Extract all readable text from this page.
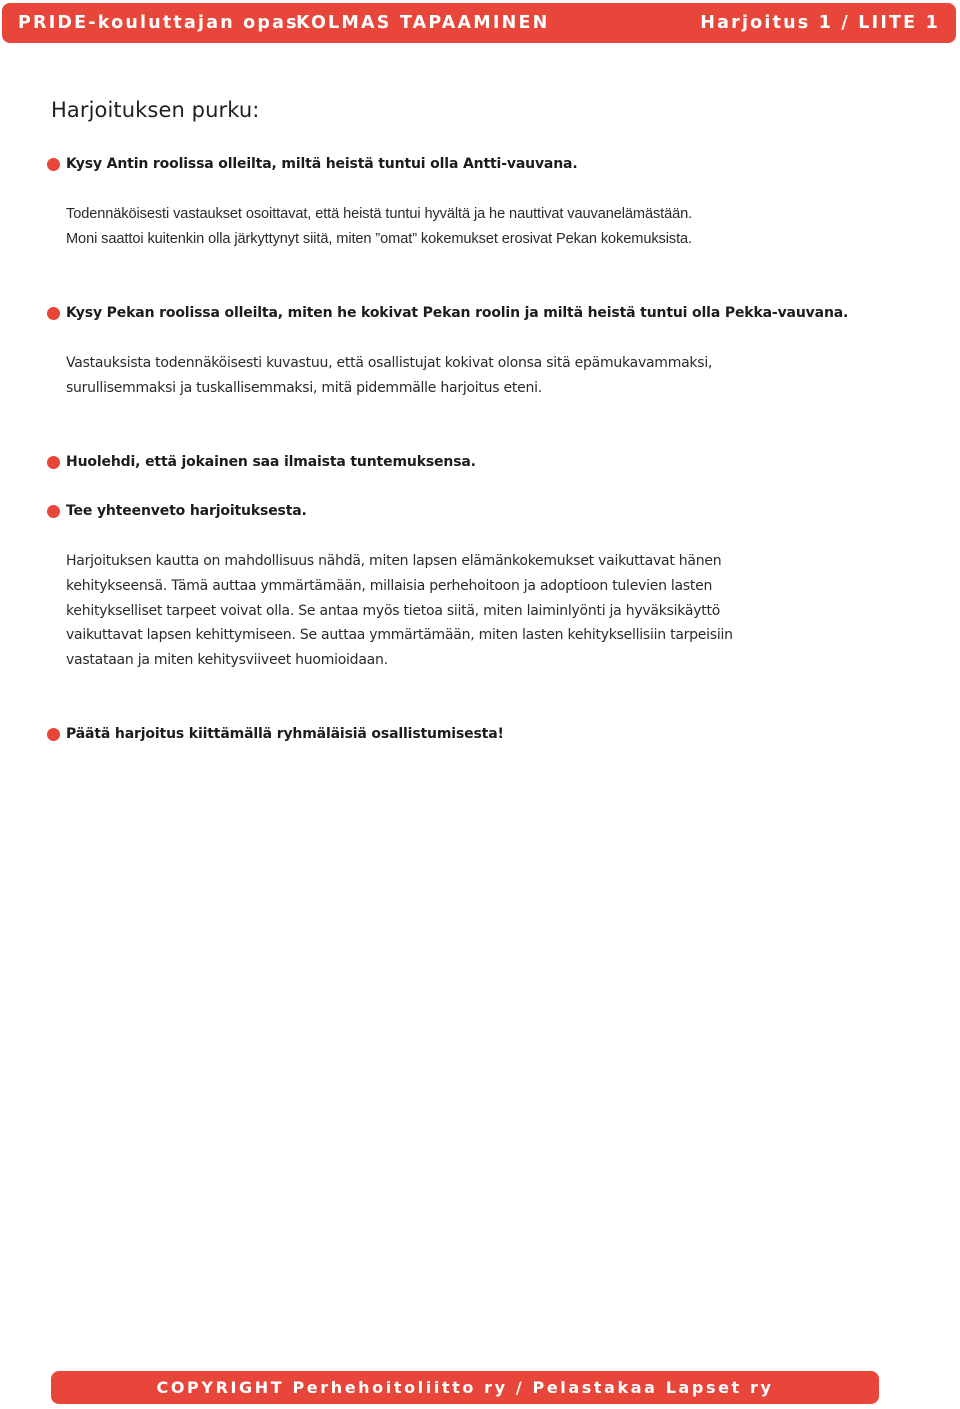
PRIDE-kouluttajan opas
KOLMAS TAPAAMINEN	Harjoitus 1 / LIITE 1
Harjoituksen purku:
Kysy Antin roolissa olleilta, miltä heistä tuntui olla Antti-vauvana.

Todennäköisesti vastaukset osoittavat, että heistä tuntui hyvältä ja he nauttivat vauvanelämästään.
Moni saattoi kuitenkin olla järkyttynyt siitä, miten ”omat” kokemukset erosivat Pekan kokemuksista.

Kysy Pekan roolissa olleilta, miten he kokivat Pekan roolin ja miltä heistä tuntui olla Pekka-vauvana.

Vastauksista todennäköisesti kuvastuu, että osallistujat kokivat olonsa sitä epämukavammaksi,
surullisemmaksi ja tuskallisemmaksi, mitä pidemmälle harjoitus eteni.

Huolehdi, että jokainen saa ilmaista tuntemuksensa.
Tee yhteenveto harjoituksesta.

Harjoituksen kautta on mahdollisuus nähdä, miten lapsen elämänkokemukset vaikuttavat hänen
kehitykseensä. Tämä auttaa ymmärtämään, millaisia perhehoitoon ja adoptioon tulevien lasten
kehitykselliset tarpeet voivat olla. Se antaa myös tietoa siitä, miten laiminlyönti ja hyväksikäyttö
vaikuttavat lapsen kehittymiseen. Se auttaa ymmärtämään, miten lasten kehityksellisiin tarpeisiin
vastataan ja miten kehitysviiveet huomioidaan.

Päätä harjoitus kiittämällä ryhmäläisiä osallistumisesta!
COPYRIGHT Perhehoitoliitto ry / Pelastakaa Lapset ry
